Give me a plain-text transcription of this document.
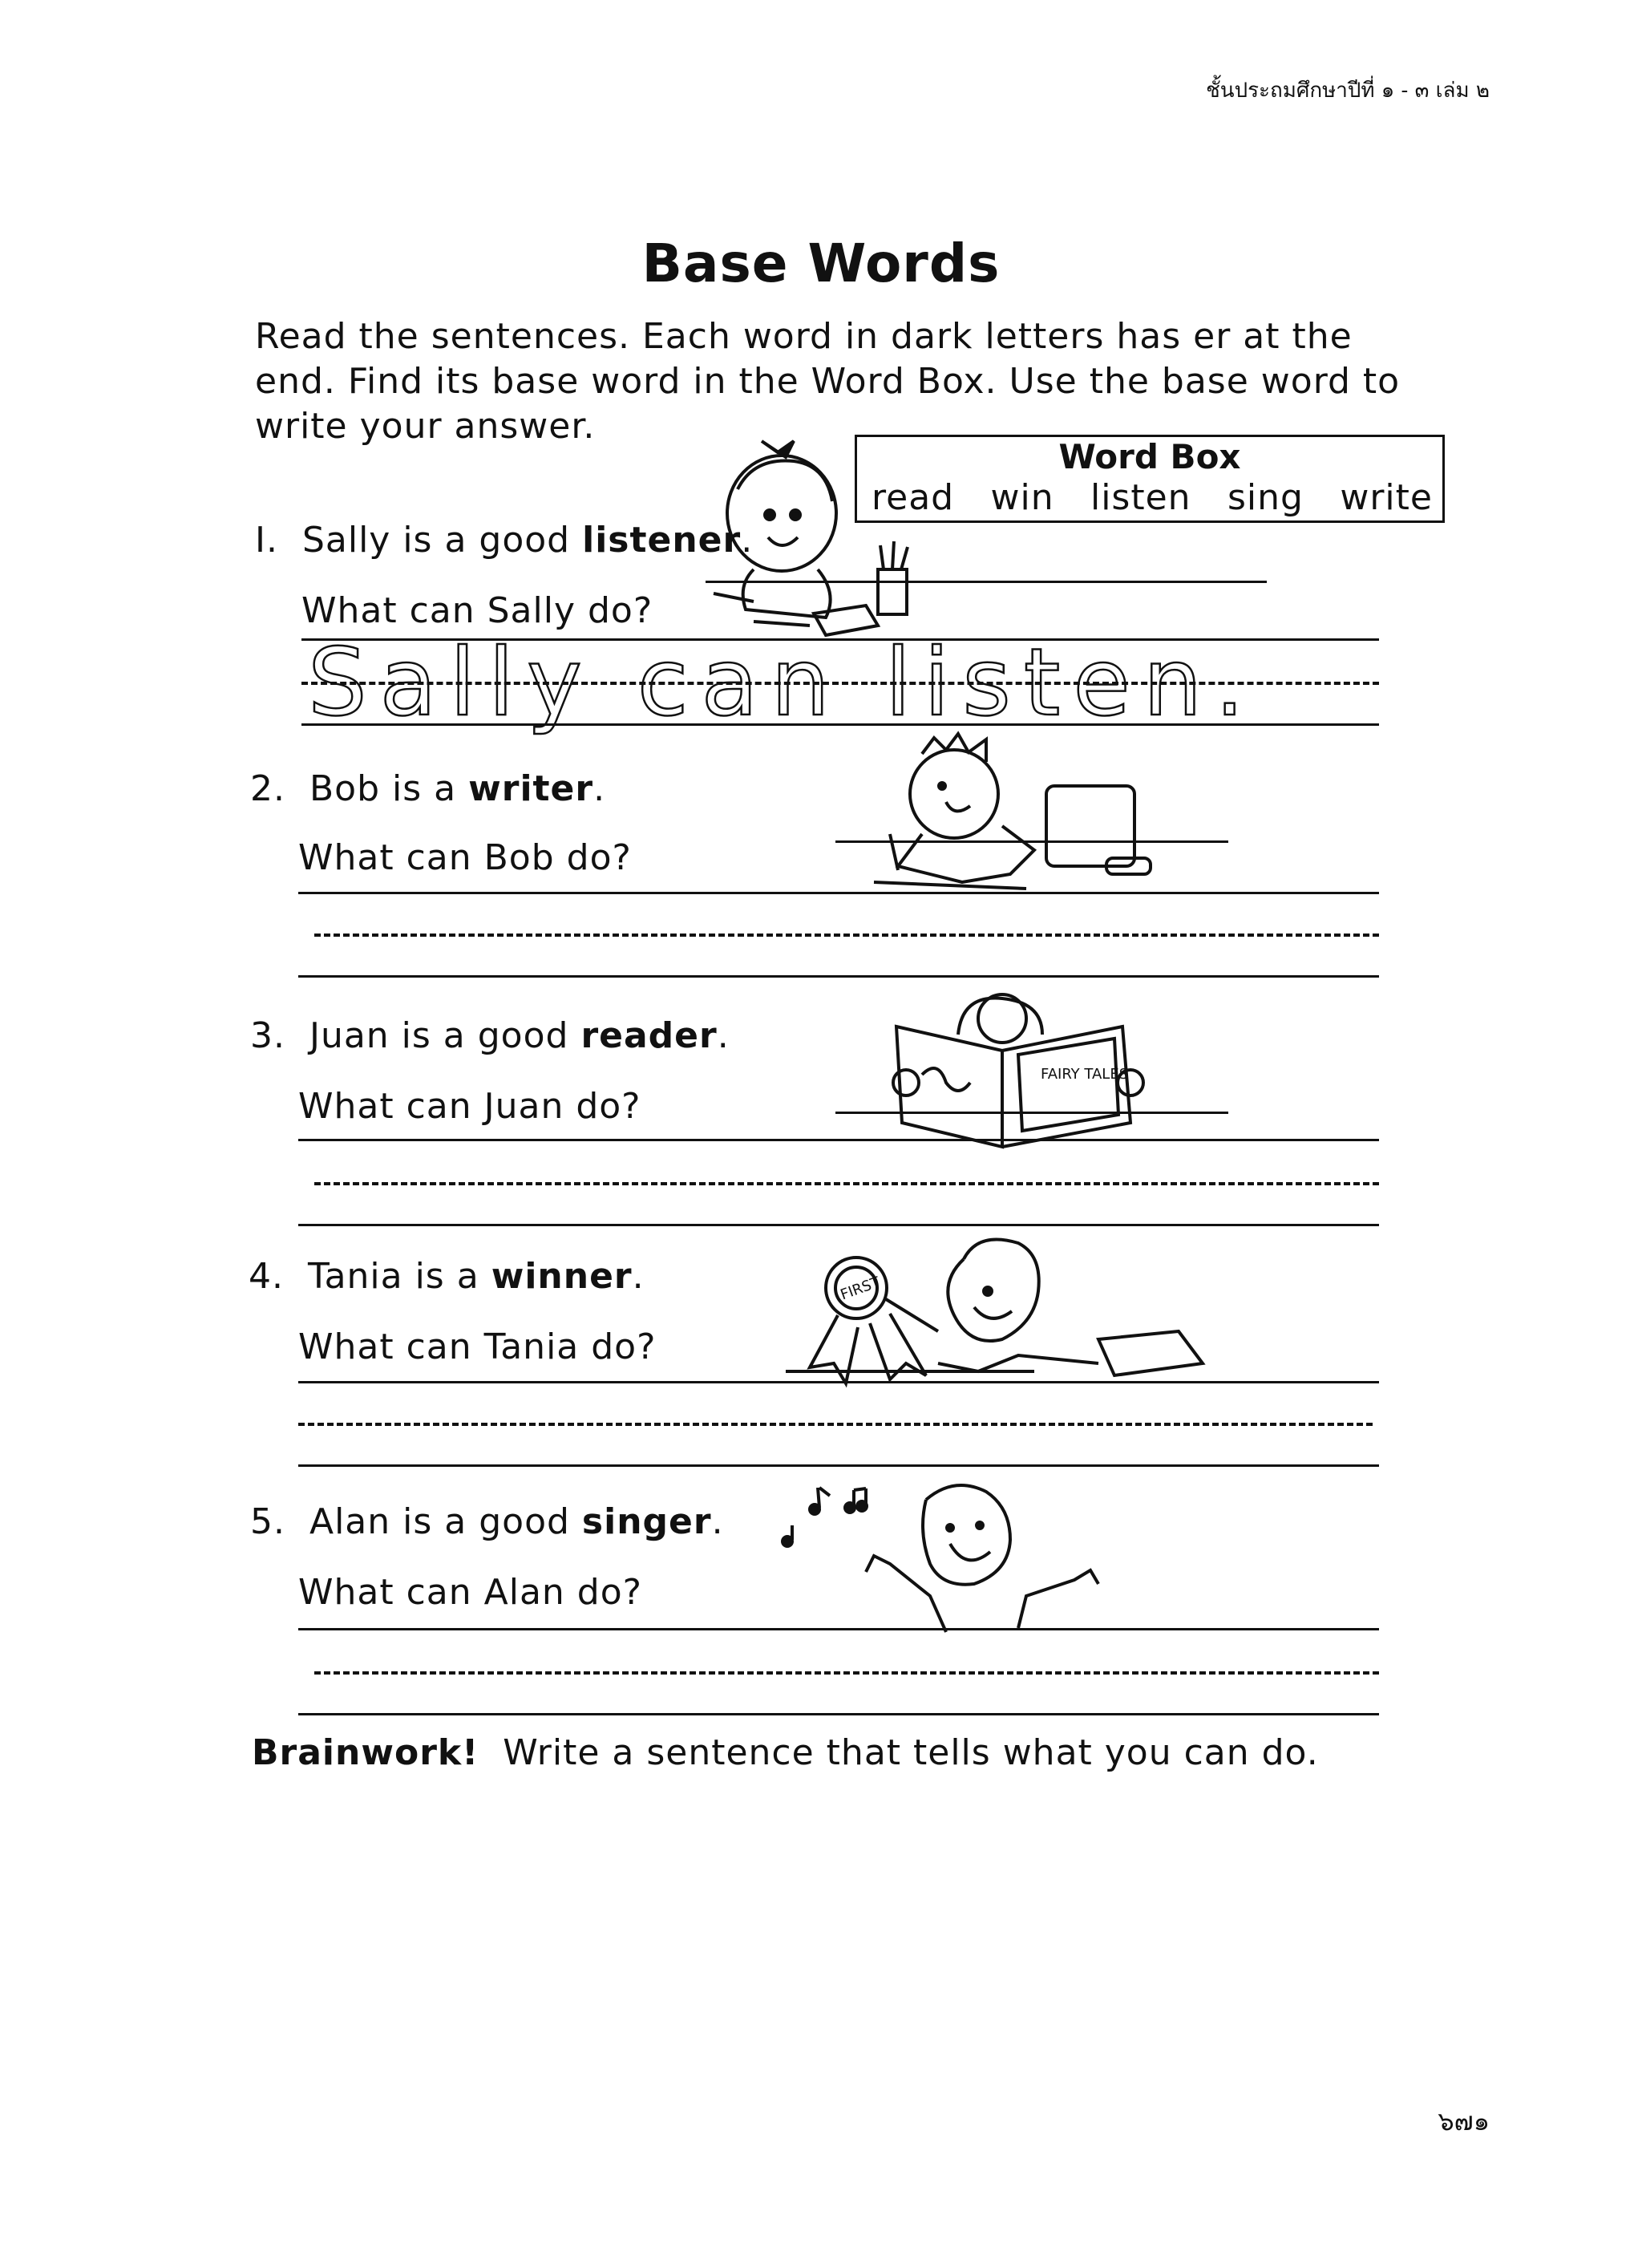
ชั้นประถมศึกษาปีที่ ๑ - ๓ เล่ม ๒
Base Words
Read the sentences. Each word in dark letters has er at the
end. Find its base word in the Word Box. Use the base word to
write your answer.
Word Box
read win listen sing write
I. Sally is a good listener.
What can Sally do?
Sally can listen.
2. Bob is a writer.
What can Bob do?
3. Juan is a good reader.
What can Juan do?
4. Tania is a winner.
What can Tania do?
5. Alan is a good singer.
What can Alan do?
Brainwork! Write a sentence that tells what you can do.
๖๗๑
FAIRY TALES
FIRST
